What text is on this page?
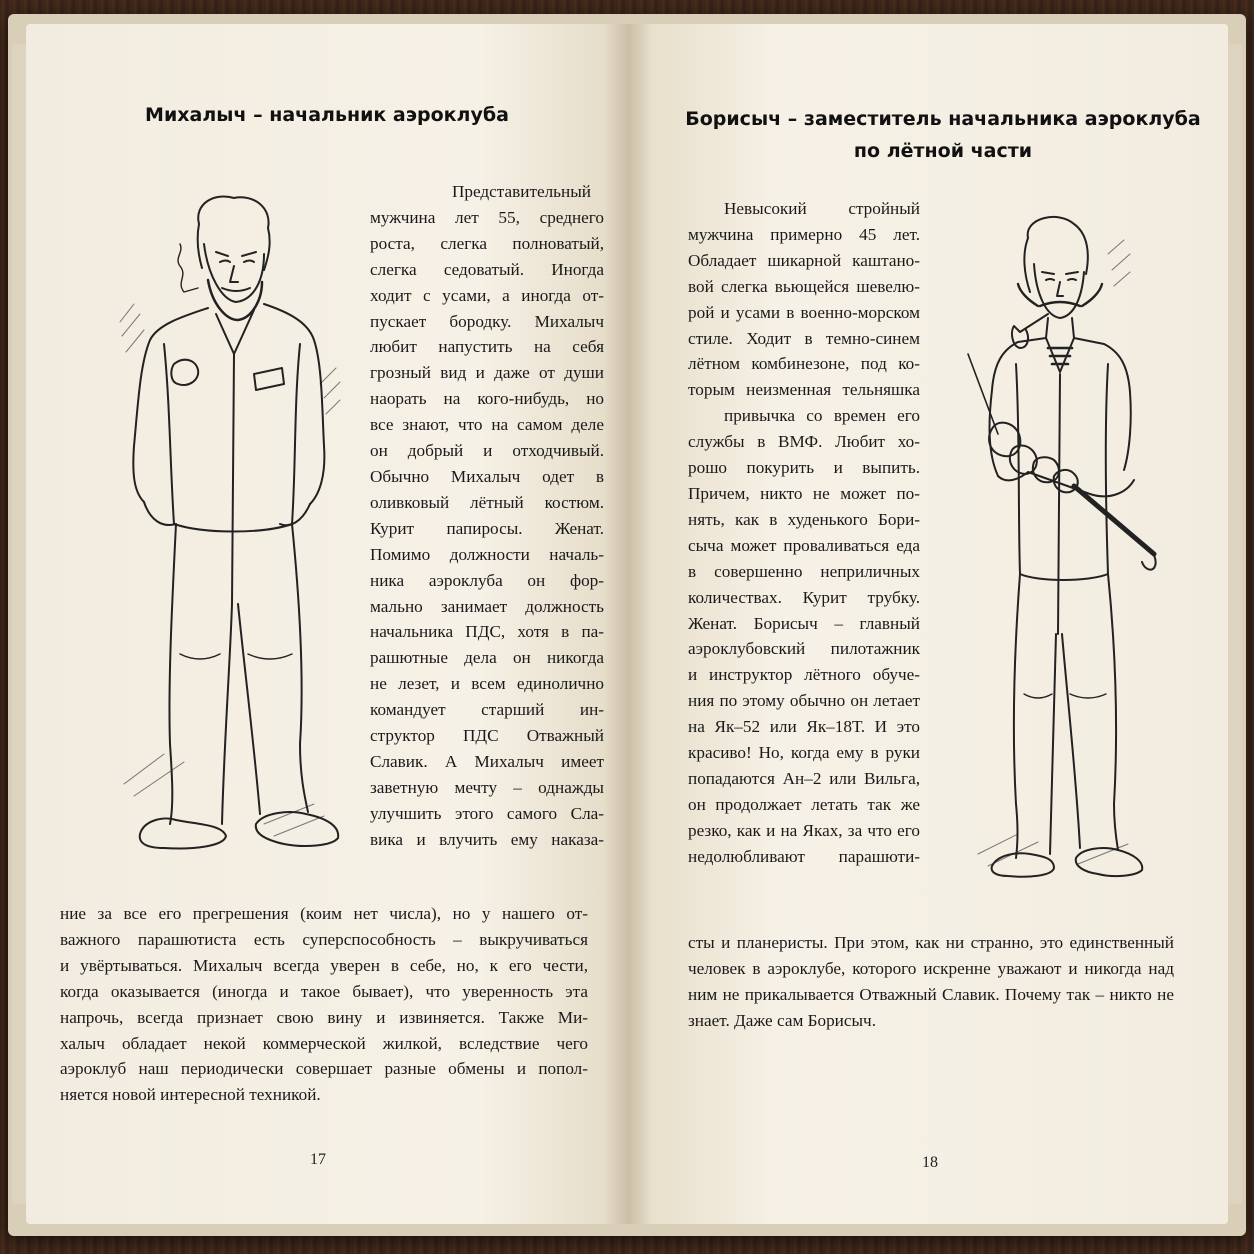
Михалыч – начальник аэроклуба
Представительный
мужчина лет 55, среднего
роста, слегка полноватый,
слегка седоватый. Иногда
ходит с усами, а иногда от-
пускает бородку. Михалыч
любит напустить на себя
грозный вид и даже от души
наорать на кого-нибудь, но
все знают, что на самом деле
он добрый и отходчивый.
Обычно Михалыч одет в
оливковый лётный костюм.
Курит папиросы. Женат.
Помимо должности началь-
ника аэроклуба он фор-
мально занимает должность
начальника ПДС, хотя в па-
рашютные дела он никогда
не лезет, и всем единолично
командует старший ин-
структор ПДС Отважный
Славик. А Михалыч имеет
заветную мечту – однажды
улучшить этого самого Сла-
вика и влучить ему наказа-
ние за все его прегрешения (коим нет числа), но у нашего от-
важного парашютиста есть суперспособность – выкручиваться
и увёртываться. Михалыч всегда уверен в себе, но, к его чести,
когда оказывается (иногда и такое бывает), что уверенность эта
напрочь, всегда признает свою вину и извиняется. Также Ми-
халыч обладает некой коммерческой жилкой, вследствие чего
аэроклуб наш периодически совершает разные обмены и попол-
няется новой интересной техникой.
17
Борисыч – заместитель начальника аэроклуба
по лётной части
Невысокий стройный
мужчина примерно 45 лет.
Обладает шикарной каштано-
вой слегка вьющейся шевелю-
рой и усами в военно-морском
стиле. Ходит в темно-синем
лётном комбинезоне, под ко-
торым неизменная тельняшка
привычка со времен его
службы в ВМФ. Любит хо-
рошо покурить и выпить.
Причем, никто не может по-
нять, как в худенького Бори-
сыча может проваливаться еда
в совершенно неприличных
количествах. Курит трубку.
Женат. Борисыч – главный
аэроклубовский пилотажник
и инструктор лётного обуче-
ния по этому обычно он летает
на Як–52 или Як–18Т. И это
красиво! Но, когда ему в руки
попадаются Ан–2 или Вильга,
он продолжает летать так же
резко, как и на Яках, за что его
недолюбливают парашюти-
сты и планеристы. При этом, как ни странно, это единственный
человек в аэроклубе, которого искренне уважают и никогда над
ним не прикалывается Отважный Славик. Почему так – никто не
знает. Даже сам Борисыч.
18
